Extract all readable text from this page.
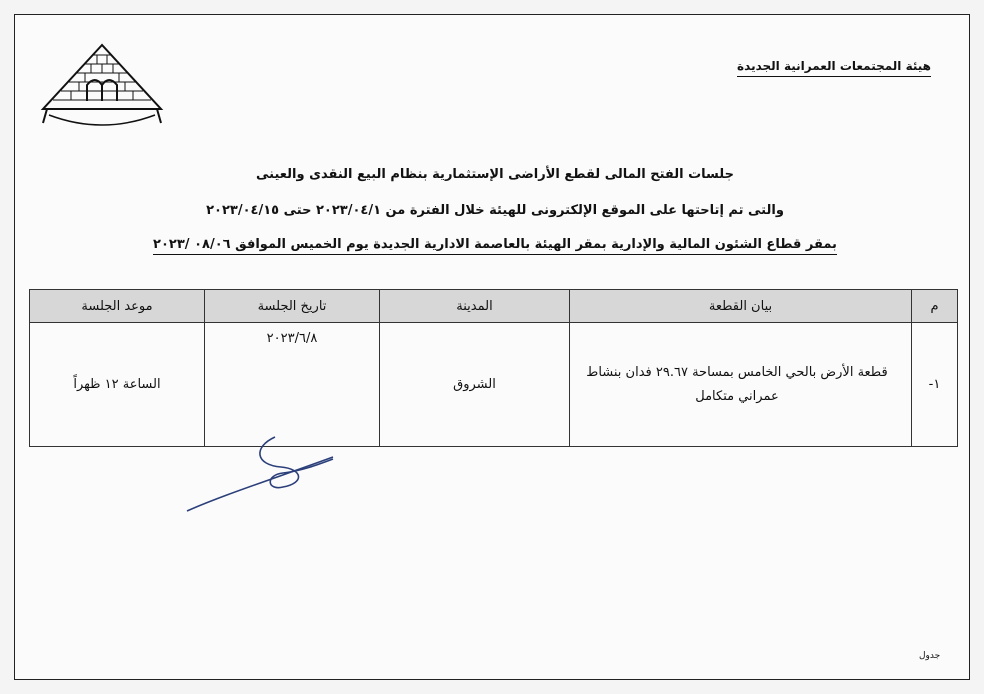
هيئة المجتمعات العمرانية الجديدة
جلسات الفتح المالى لقطع الأراضى الإستثمارية بنظام البيع النقدى والعينى
والتى تم إتاحتها على الموقع الإلكترونى للهيئة خلال الفترة من ٢٠٢٣/٠٤/١ حتى ٢٠٢٣/٠٤/١٥
بمقر قطاع الشئون المالية والإدارية بمقر الهيئة بالعاصمة الادارية الجديدة يوم الخميس الموافق ٠٨/٠٦ /٢٠٢٣
م	بيان القطعة	المدينة	تاريخ الجلسة	موعد الجلسة
١-	قطعة الأرض بالحي الخامس بمساحة ٢٩.٦٧ فدان بنشاط عمراني متكامل	الشروق	٢٠٢٣/٦/٨	الساعة ١٢ ظهراً
جدول
